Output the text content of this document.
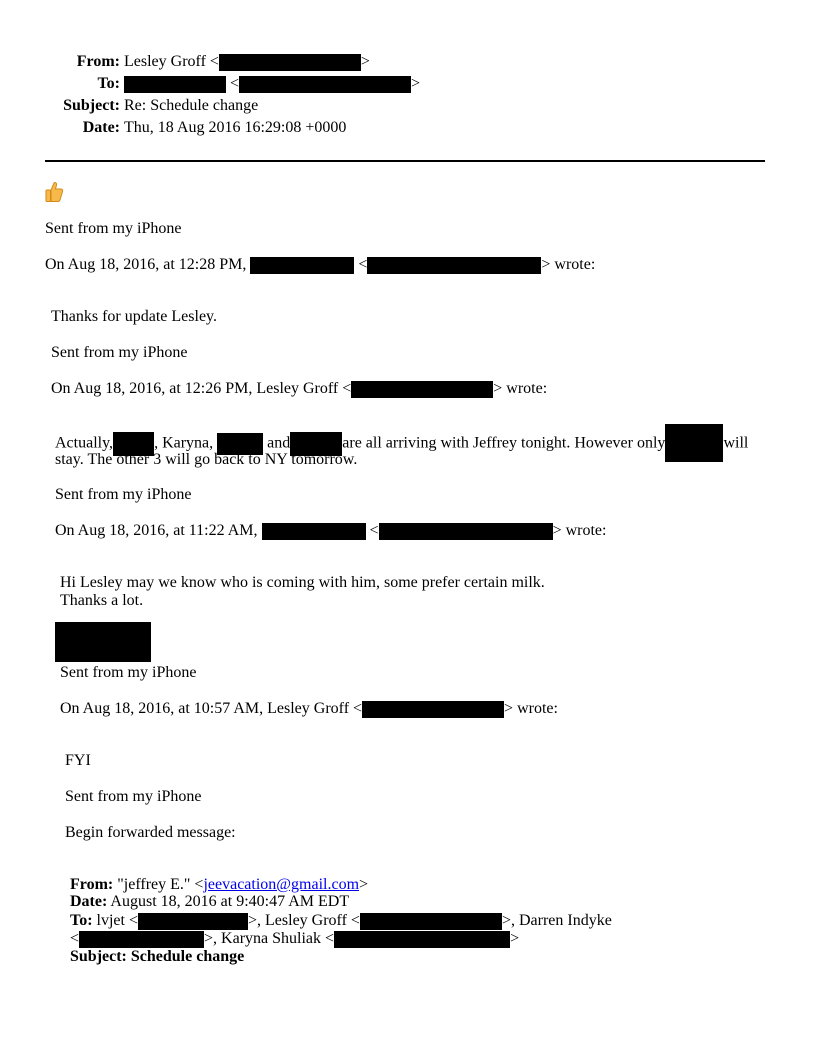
From: Lesley Groff <	>
To:	<	>
Subject: Re: Schedule change
Date: Thu, 18 Aug 2016 16:29:08 +0000
Sent from my iPhone
On Aug 18, 2016, at 12:28 PM,	<	> wrote:
Thanks for update Lesley.
Sent from my iPhone
On Aug 18, 2016, at 12:26 PM, Lesley Groff <	> wrote:
Actually,	, Karyna,	and	are all arriving with Jeffrey tonight. However only	will
stay. The other 3 will go back to NY tomorrow.
Sent from my iPhone
On Aug 18, 2016, at 11:22 AM,	<	> wrote:
Hi Lesley may we know who is coming with him, some prefer certain milk.
Thanks a lot.
Sent from my iPhone
On Aug 18, 2016, at 10:57 AM, Lesley Groff <	> wrote:
FYI
Sent from my iPhone
Begin forwarded message:
From: "jeffrey E." <jeevacation@gmail.com>
Date: August 18, 2016 at 9:40:47 AM EDT
To: lvjet <	>, Lesley Groff <	>, Darren Indyke
<	>, Karyna Shuliak <	>
Subject: Schedule change
